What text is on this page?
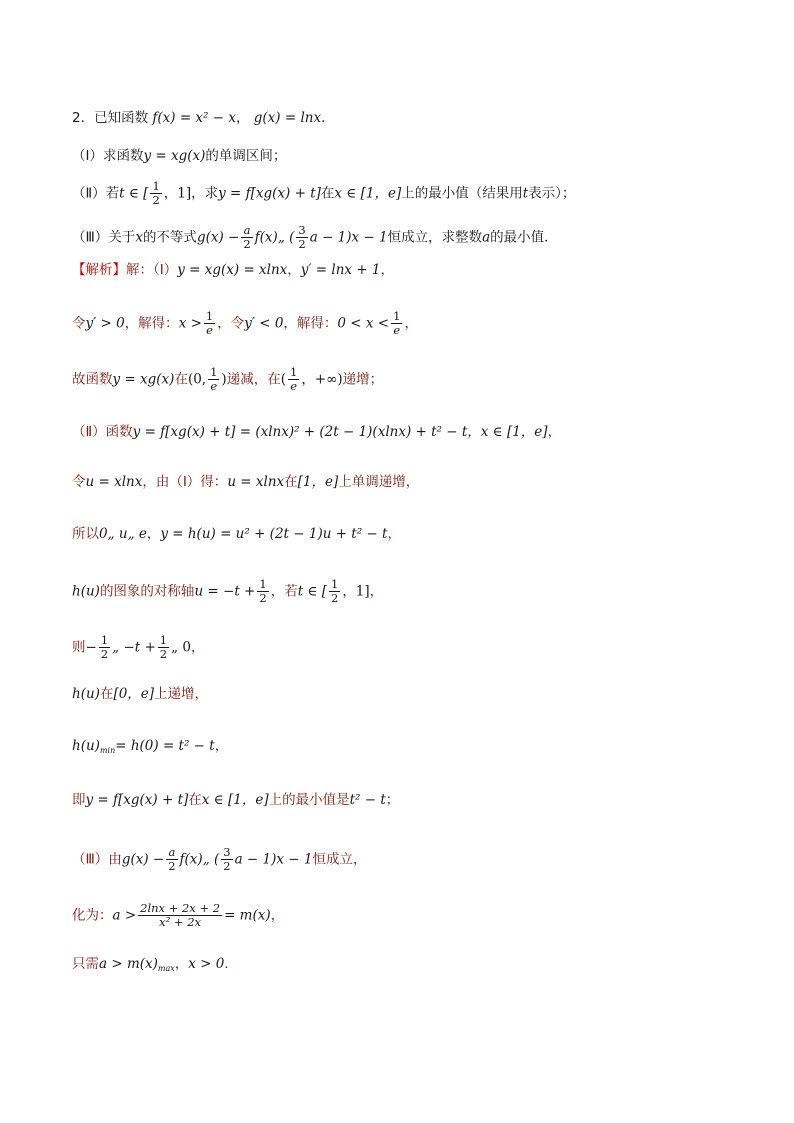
2．已知函数 f(x) = x² − x， g(x) = lnx．
（Ⅰ）求函数y = xg(x)的单调区间；
（Ⅱ）若t ∈ [ $\frac{1}{2}$ ，1]，求y = f[xg(x) + t]在x ∈ [1，e]上的最小值（结果用t表示）；
（Ⅲ）关于x的不等式$g(x) - \frac{a}{2}$ f(x)„ ( $\frac{3}{2}$ a − 1)x − 1恒成立，求整数a的最小值．
【解析】解：（Ⅰ）y = xg(x) = xlnx，y′ = lnx + 1，
令y′ > 0，解得：$x > \frac{1}{e}$ ，令y′ < 0，解得：$0 < x < \frac{1}{e}$ ，
故函数y = xg(x)在(0, $\frac{1}{e}$ )递减，在( $\frac{1}{e}$ ，+∞)递增；
（Ⅱ）函数y = f[xg(x) + t] = (xlnx)² + (2t − 1)(xlnx) + t² − t，x ∈ [1，e]，
令u = xlnx，由（Ⅰ）得：u = xlnx在[1，e]上单调递增，
所以0„ u„ e，y = h(u) = u² + (2t − 1)u + t² − t，
h(u)的图象的对称轴$u = -t + \frac{1}{2}$ ，若t ∈ [ $\frac{1}{2}$ ，1]，
则− $\frac{1}{2}$ „ $-t + \frac{1}{2}$ „ 0，
h(u)在[0，e]上递增，
$h(u)_{min}= h(0) = t^2 - t$，
即y = f[xg(x) + t]在x ∈ [1，e]上的最小值是t² − t；
（Ⅲ）由$g(x) - \frac{a}{2}$ f(x)„ ( $\frac{3}{2}$ a − 1)x − 1恒成立，
化为：$a > \frac{2\ln x + 2x + 2}{\text{x² + 2x}} = m(x)$，
只需$a > m(x)_{max}$，x > 0．
